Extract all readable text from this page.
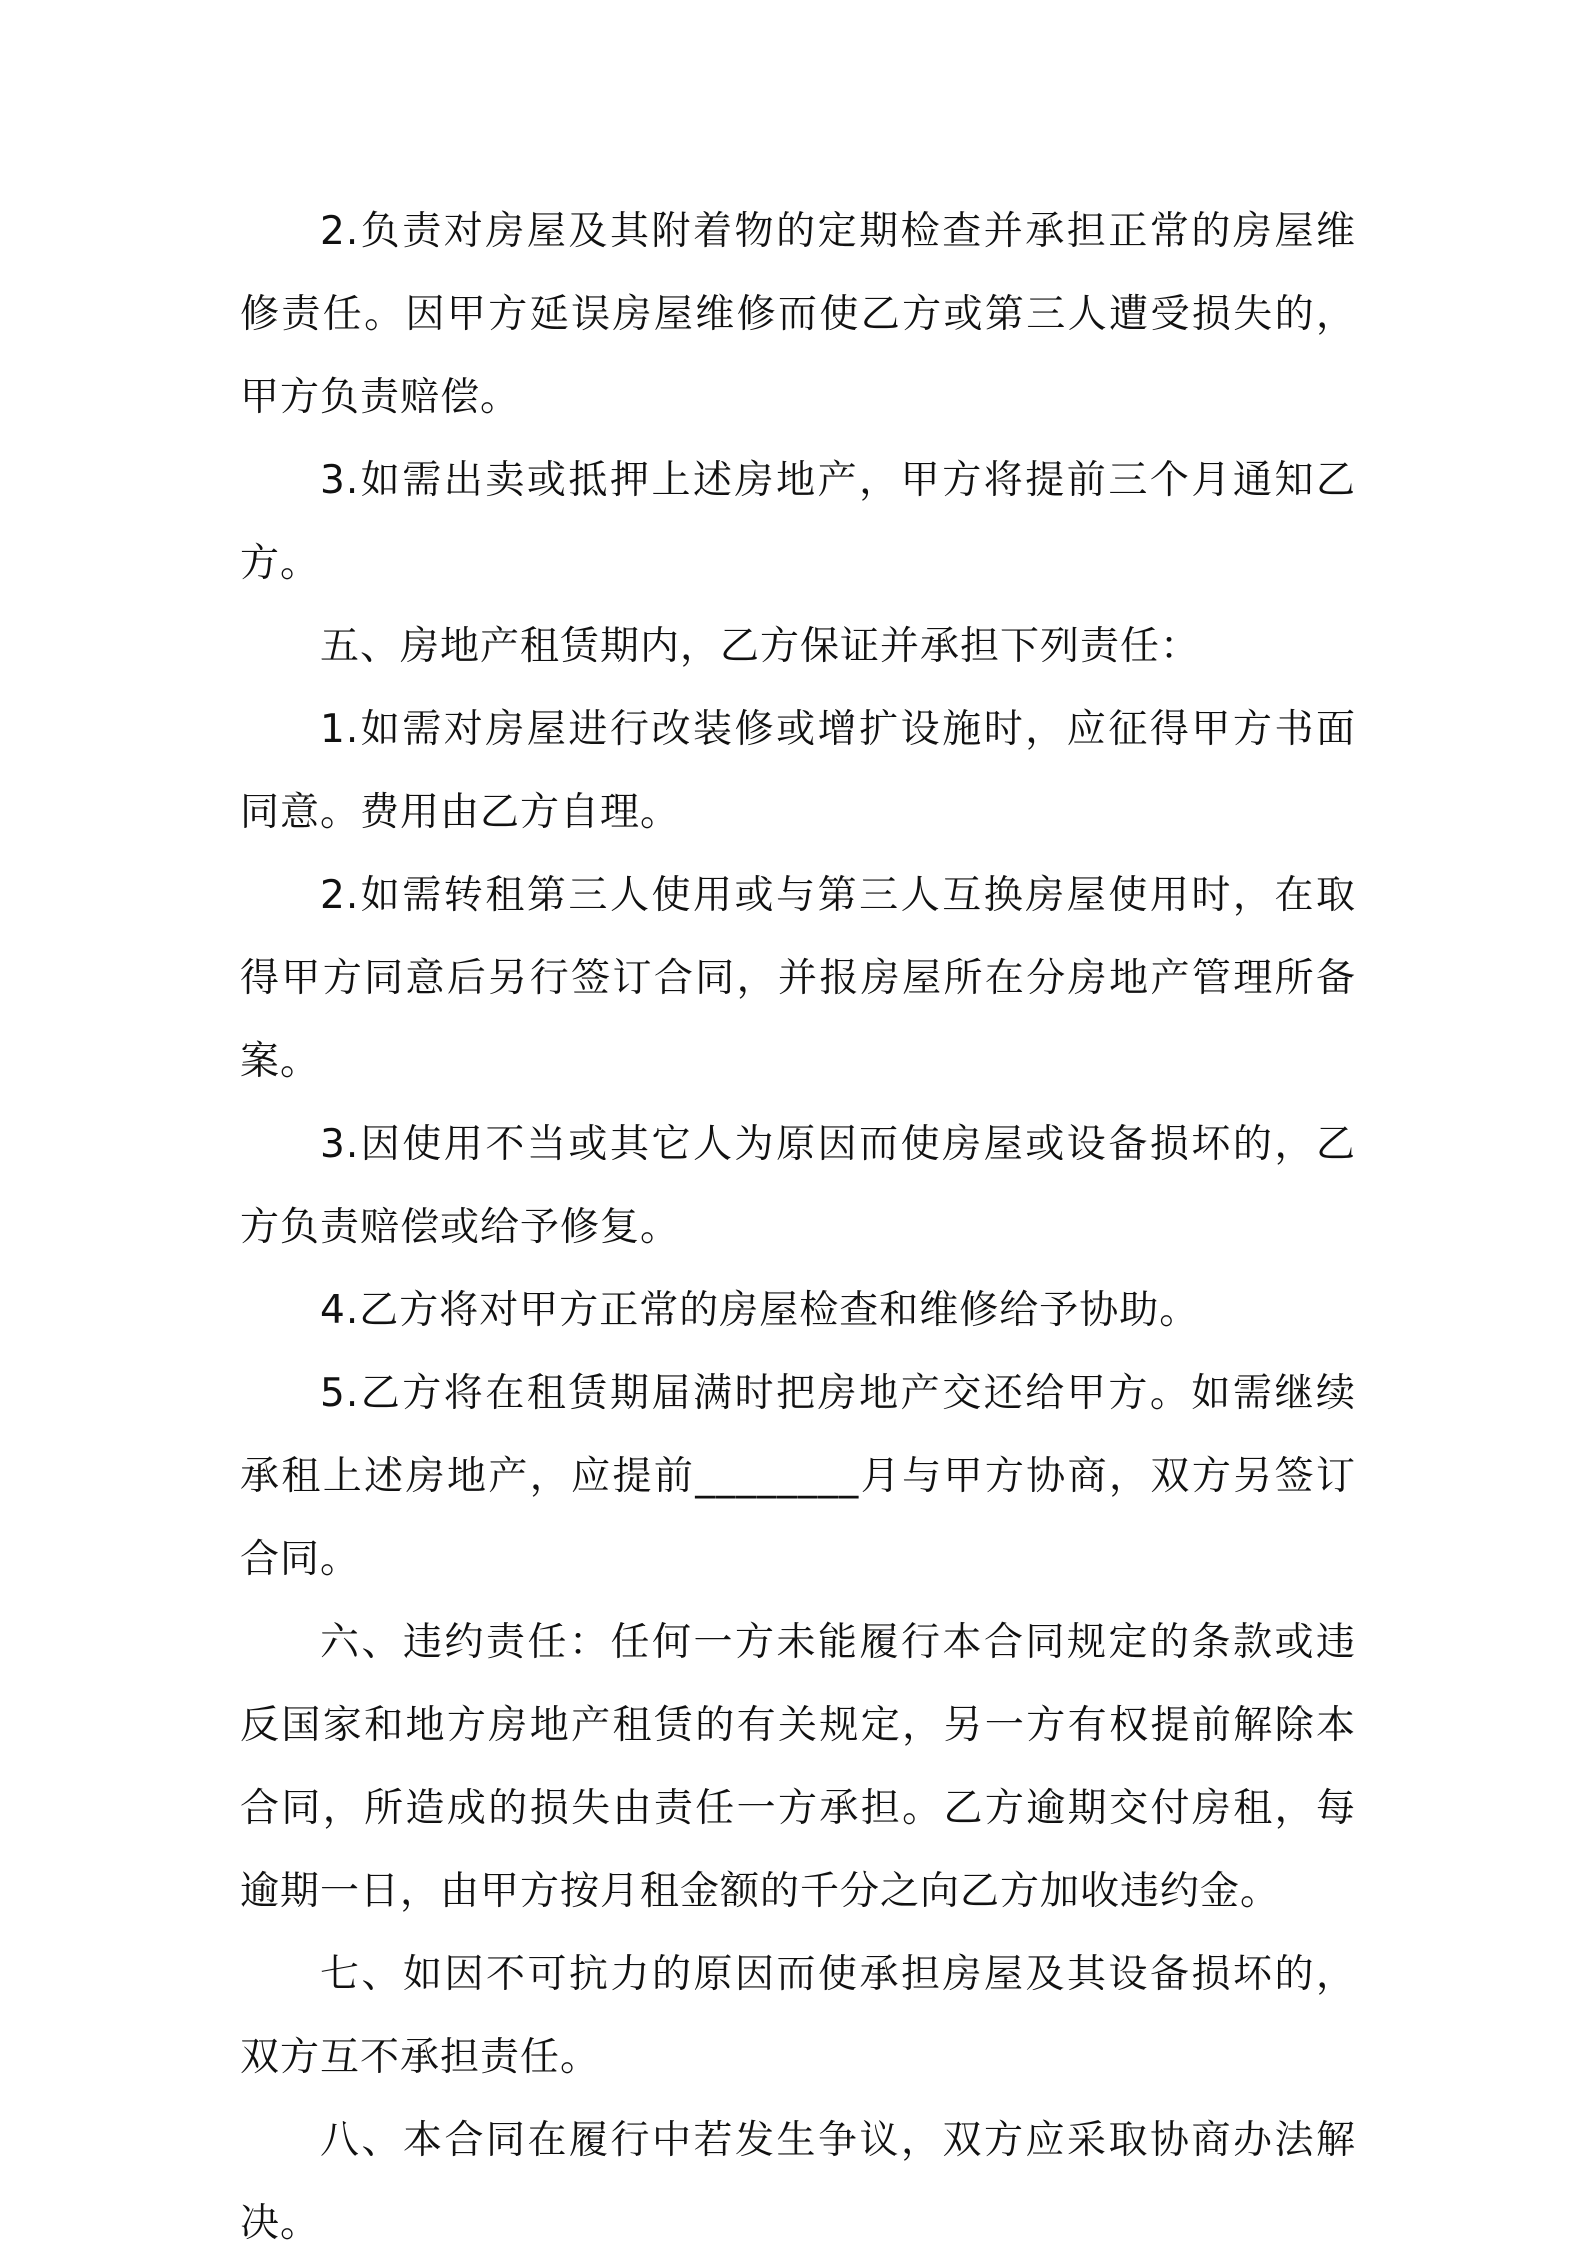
2.负责对房屋及其附着物的定期检查并承担正常的房屋维修责任。因甲方延误房屋维修而使乙方或第三人遭受损失的，甲方负责赔偿。

3.如需出卖或抵押上述房地产，甲方将提前三个月通知乙方。

五、房地产租赁期内，乙方保证并承担下列责任：

1.如需对房屋进行改装修或增扩设施时，应征得甲方书面同意。费用由乙方自理。

2.如需转租第三人使用或与第三人互换房屋使用时，在取得甲方同意后另行签订合同，并报房屋所在分房地产管理所备案。

3.因使用不当或其它人为原因而使房屋或设备损坏的，乙方负责赔偿或给予修复。

4.乙方将对甲方正常的房屋检查和维修给予协助。

5.乙方将在租赁期届满时把房地产交还给甲方。如需继续承租上述房地产，应提前________月与甲方协商，双方另签订合同。

六、违约责任：任何一方未能履行本合同规定的条款或违反国家和地方房地产租赁的有关规定，另一方有权提前解除本合同，所造成的损失由责任一方承担。乙方逾期交付房租，每逾期一日，由甲方按月租金额的千分之向乙方加收违约金。

七、如因不可抗力的原因而使承担房屋及其设备损坏的，双方互不承担责任。

八、本合同在履行中若发生争议，双方应采取协商办法解决。
